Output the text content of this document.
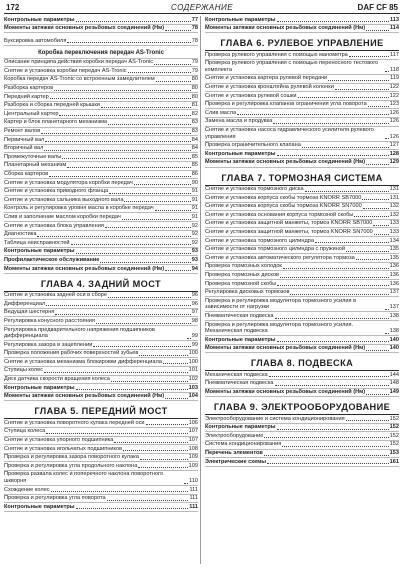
172	СОДЕРЖАНИЕ	DAF CF 85
Контрольные параметры	77
Моменты затяжки основных резьбовых соединений (Нм)	78
Буксировка автомобиля	78
Коробка переключения передач AS-Tronic
Описание принципа действия коробки передач AS-Tronic	79
Снятие и установка коробки передач AS-Tronic	79
Коробка передач AS-Tronic со встроенным замедлителем	80
Разборка картеров	80
Передний картер	80
Разборка и сборка передней крышки	81
Центральный картер	82
Картер и блок планетарного механизма	83
Ремонт валов	83
Первичный вал	84
Вторичный вал	84
Промежуточные валы	85
Планетарный механизм	85
Сборка картеров	86
Снятие и установка модулятора коробки передач	90
Снятие и установка приводного фланца	91
Снятие и установка сальника выходного вала	91
Контроль и регулировка уровня масла в коробке передач	91
Слив и заполнение маслом коробки передач	91
Снятие и установка блока управления	92
Диагностика	92
Таблица неисправностей	92
Контрольные параметры	93
Профилактическое обслуживание	93
Моменты затяжки основных резьбовых соединений (Нм)	94
ГЛАВА 4. ЗАДНИЙ МОСТ
Снятие и установка задней оси в сборе	96
Дифференциал	96
Ведущая шестерня	97
Регулировка конусного расстояния	98
Регулировка предварительного напряжения подшипников дифференциала	99
Регулировка зазора в зацеплении	99
Проверка положения рабочих поверхностей зубьев	100
Снятие и установка механизма блокировки дифференциала	100
Ступицы колес	101
Диск датчика скорости вращения колеса	102
Контрольные параметры	103
Моменты затяжки основных резьбовых соединений (Нм)	104
ГЛАВА 5. ПЕРЕДНИЙ МОСТ
Снятие и установка поворотного кулака передней оси	106
Ступица колеса	107
Снятие и установка упорного подшипника	107
Снятие и установка игольчатых подшипников	108
Проверка и регулировка зазора поворотного кулака	109
Проверка и регулировка угла продольного наклона	109
Проверка развала колес и поперечного наклона поворотного шкворня	110
Схождение колес	111
Проверка и регулировка угла поворота	111
Контрольные параметры	111
Контрольные параметры	113
Моменты затяжки основных резьбовых соединений (Нм)	114
ГЛАВА 6. РУЛЕВОЕ УПРАВЛЕНИЕ
Проверка рулевого управления с помощью манометра	117
Проверка рулевого управления с помощью переносного тестового комплекта	118
Снятие и установка картера рулевой передачи	119
Снятие и установка кронштейна рулевой колонки	122
Снятие и установка рулевой сошки	122
Проверка и регулировка клапанов ограничения угла поворота	123
Слив масла	126
Замена масла и продувка	126
Снятие и установка насоса гидравлического усилителя рулевого управления	126
Проверка ограничительного клапана	127
Контрольные параметры	128
Моменты затяжки основных резьбовых соединений (Нм)	129
ГЛАВА 7. ТОРМОЗНАЯ СИСТЕМА
Снятие и установка тормозного диска	131
Снятие и установка корпуса скобы тормоза KNORR SB7000	131
Снятие и установка корпуса скобы тормоза KNORR SN7000	132
Снятие и установка основания корпуса тормозной скобы	132
Снятие и установка защитной манжеты, тормоз KNORR SB7000	133
Снятие и установка защитной манжеты, тормоз KNORR SN7000	133
Снятие и установка тормозного цилиндра	134
Снятие и установка тормозного цилиндра с пружиной	135
Снятие и установка автоматического регулятора тормоза	135
Проверка тормозных колодок	136
Проверка тормозных дисков	136
Проверка тормозной скобы	136
Регулировка дисковых тормозов	137
Проверка и регулировка модулятора тормозного усилия в зависимости от нагрузки	137
Пневматическая подвеска	138
Проверка и регулировка модулятора тормозного усилия. Механическая подвеска	138
Контрольные параметры	140
Моменты затяжки основных резьбовых соединений (Нм)	140
ГЛАВА 8. ПОДВЕСКА
Механическая подвеска	144
Пневматическая подвеска	148
Моменты затяжки основных резьбовых соединений (Нм)	149
ГЛАВА 9. ЭЛЕКТРООБОРУДОВАНИЕ
Электрооборудование и система кондиционирования	152
Контрольные параметры	152
Электрооборудование	152
Система кондиционирования	152
Перечень элементов	153
Электрические схемы	161
